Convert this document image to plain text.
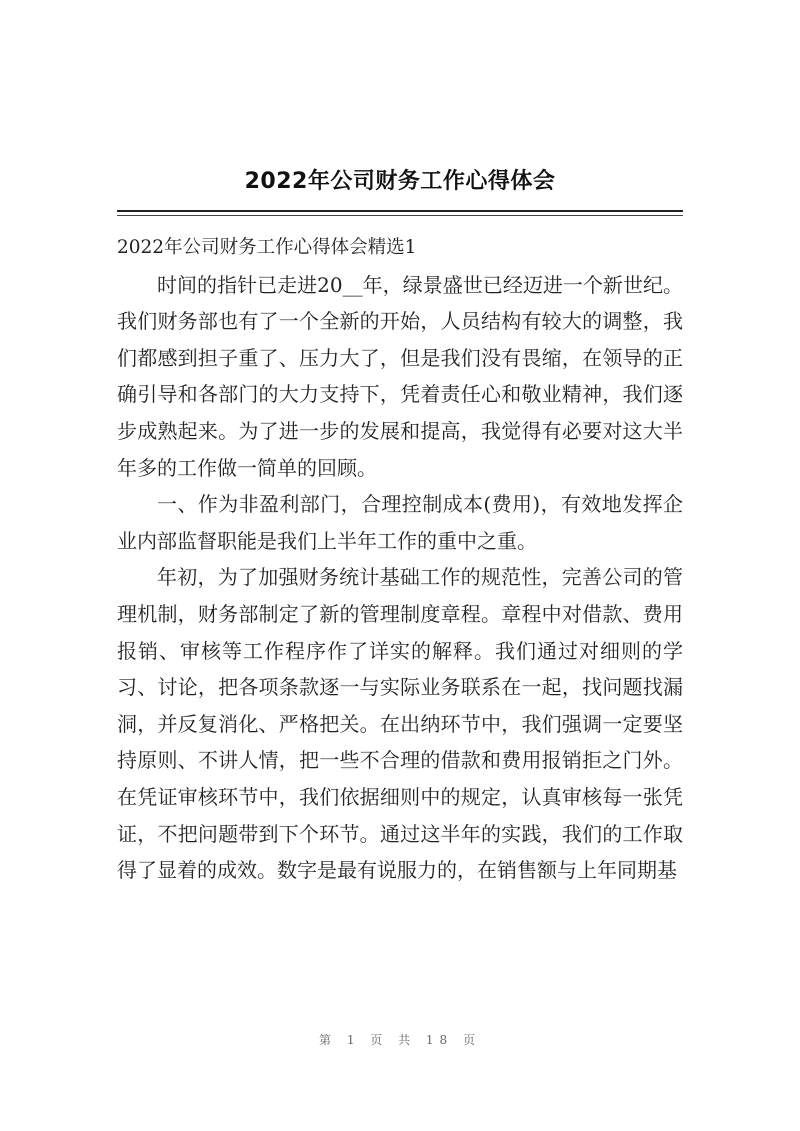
2022年公司财务工作心得体会

2022年公司财务工作心得体会精选1

时间的指针已走进20__年，绿景盛世已经迈进一个新世纪。我们财务部也有了一个全新的开始，人员结构有较大的调整，我们都感到担子重了、压力大了，但是我们没有畏缩，在领导的正确引导和各部门的大力支持下，凭着责任心和敬业精神，我们逐步成熟起来。为了进一步的发展和提高，我觉得有必要对这大半年多的工作做一简单的回顾。

一、作为非盈利部门，合理控制成本(费用)，有效地发挥企业内部监督职能是我们上半年工作的重中之重。

年初，为了加强财务统计基础工作的规范性，完善公司的管理机制，财务部制定了新的管理制度章程。章程中对借款、费用报销、审核等工作程序作了详实的解释。我们通过对细则的学习、讨论，把各项条款逐一与实际业务联系在一起，找问题找漏洞，并反复消化、严格把关。在出纳环节中，我们强调一定要坚持原则、不讲人情，把一些不合理的借款和费用报销拒之门外。在凭证审核环节中，我们依据细则中的规定，认真审核每一张凭证，不把问题带到下个环节。通过这半年的实践，我们的工作取得了显着的成效。数字是最有说服力的，在销售额与上年同期基

第 1 页 共 18 页
